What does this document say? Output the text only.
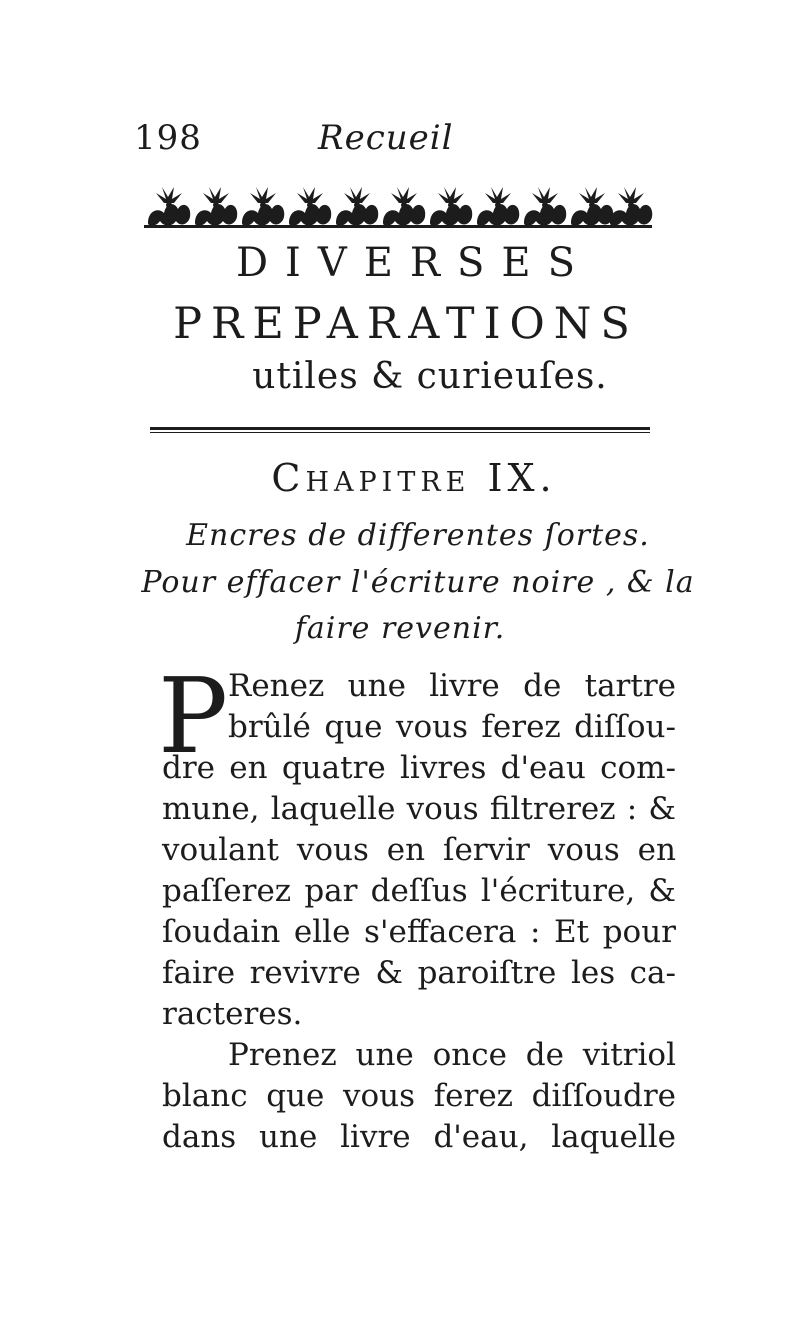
198	Recueil
DIVERSES
PREPARATIONS
utiles & curieuſes.
CHAPITRE IX.
Encres de differentes ſortes.
Pour effacer l'écriture noire , & la
faire revenir.
P Renez une livre de tartre
brûlé que vous ferez diſſou-
dre en quatre livres d'eau com-
mune, laquelle vous filtrerez : &
voulant vous en ſervir vous en
paſſerez par deſſus l'écriture, &
ſoudain elle s'effacera : Et pour
faire revivre & paroiſtre les ca-
racteres.
Prenez une once de vitriol
blanc que vous ferez diſſoudre
dans une livre d'eau, laquelle
